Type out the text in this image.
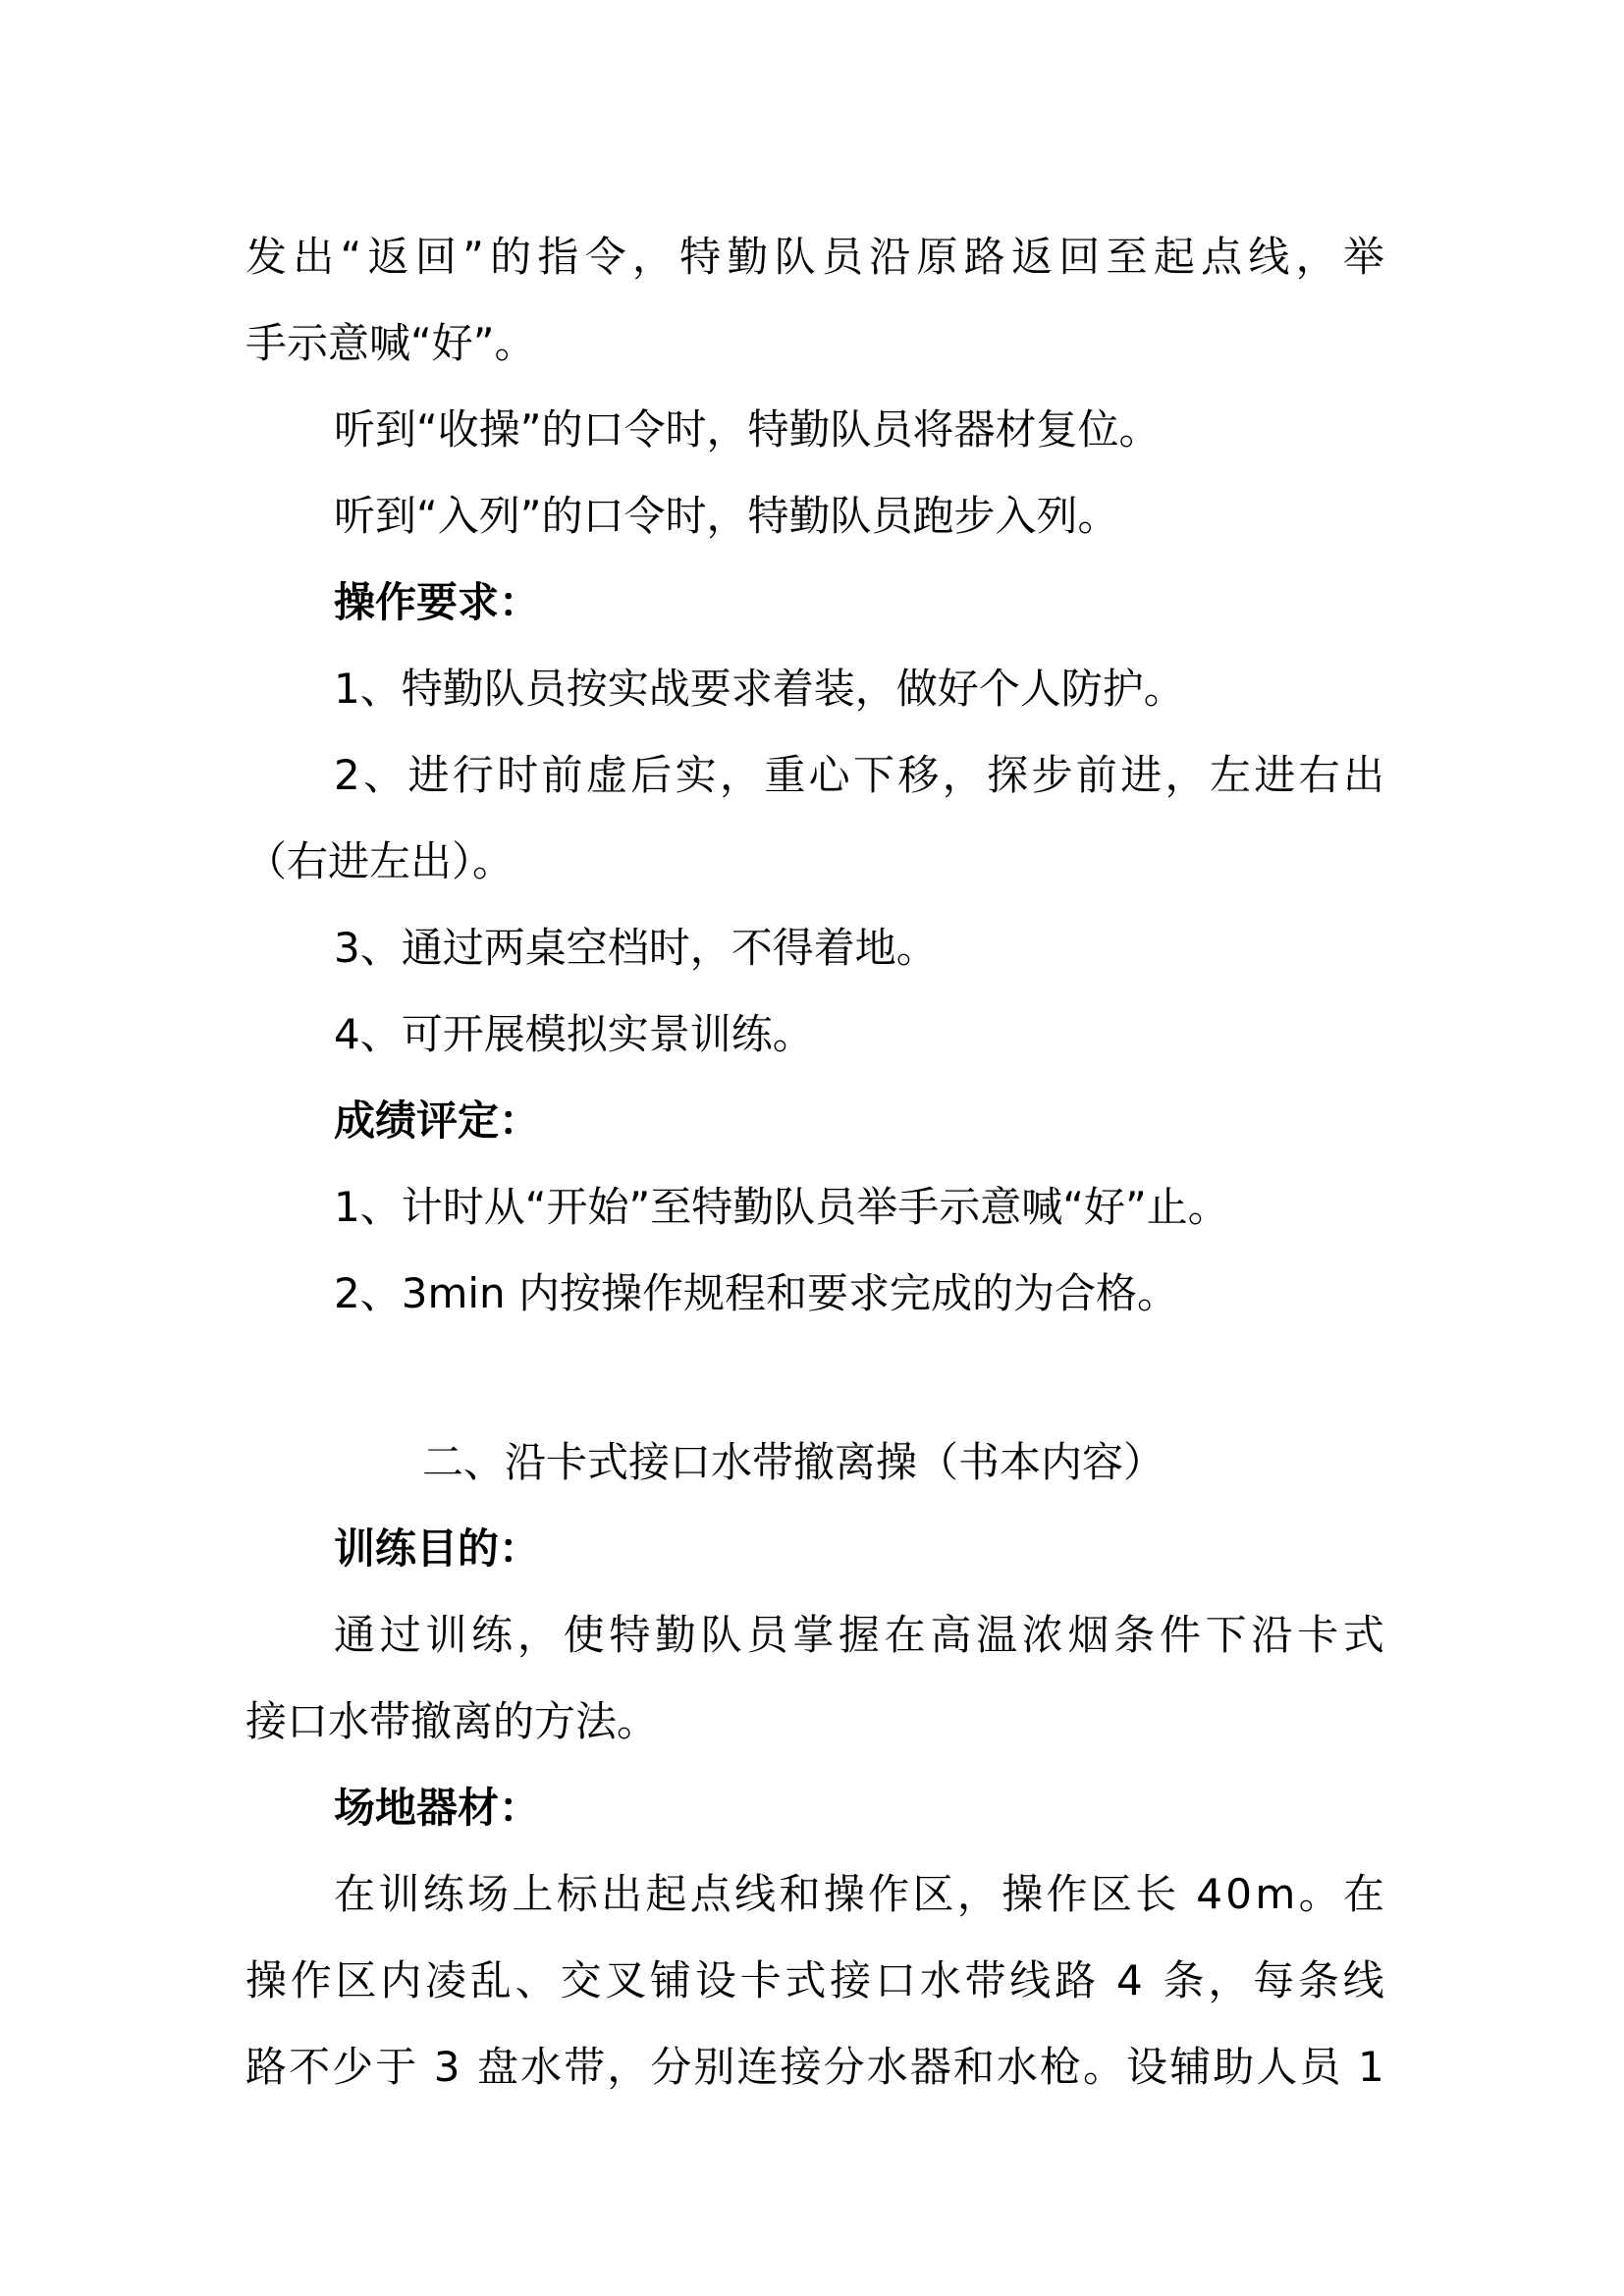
发 出 “ 返 回 ” 的 指 令 ， 特 勤 队 员 沿 原 路 返 回 至 起 点 线 ， 举
手示意喊“好”。
听到“收操”的口令时，特勤队员将器材复位。
听到“入列”的口令时，特勤队员跑步入列。
操作要求：
1、特勤队员按实战要求着装，做好个人防护。
2 、 进 行 时 前 虚 后 实 ， 重 心 下 移 ， 探 步 前 进 ， 左 进 右 出
（右进左出）。
3、通过两桌空档时，不得着地。
4、可开展模拟实景训练。
成绩评定：
1、计时从“开始”至特勤队员举手示意喊“好”止。
2、3min 内按操作规程和要求完成的为合格。
二、沿卡式接口水带撤离操（书本内容）
训练目的：
通 过 训 练 ， 使 特 勤 队 员 掌 握 在 高 温 浓 烟 条 件 下 沿 卡 式
接口水带撤离的方法。
场地器材：
在 训 练 场 上 标 出 起 点 线 和 操 作 区 ， 操 作 区 长
4 0 m 。 在
操 作 区 内 凌 乱 、 交 叉 铺 设 卡 式 接 口 水 带 线 路
4
条 ， 每 条 线
路 不 少 于
3
盘 水 带 ， 分 别 连 接 分 水 器 和 水 枪 。 设 辅 助 人 员
1
